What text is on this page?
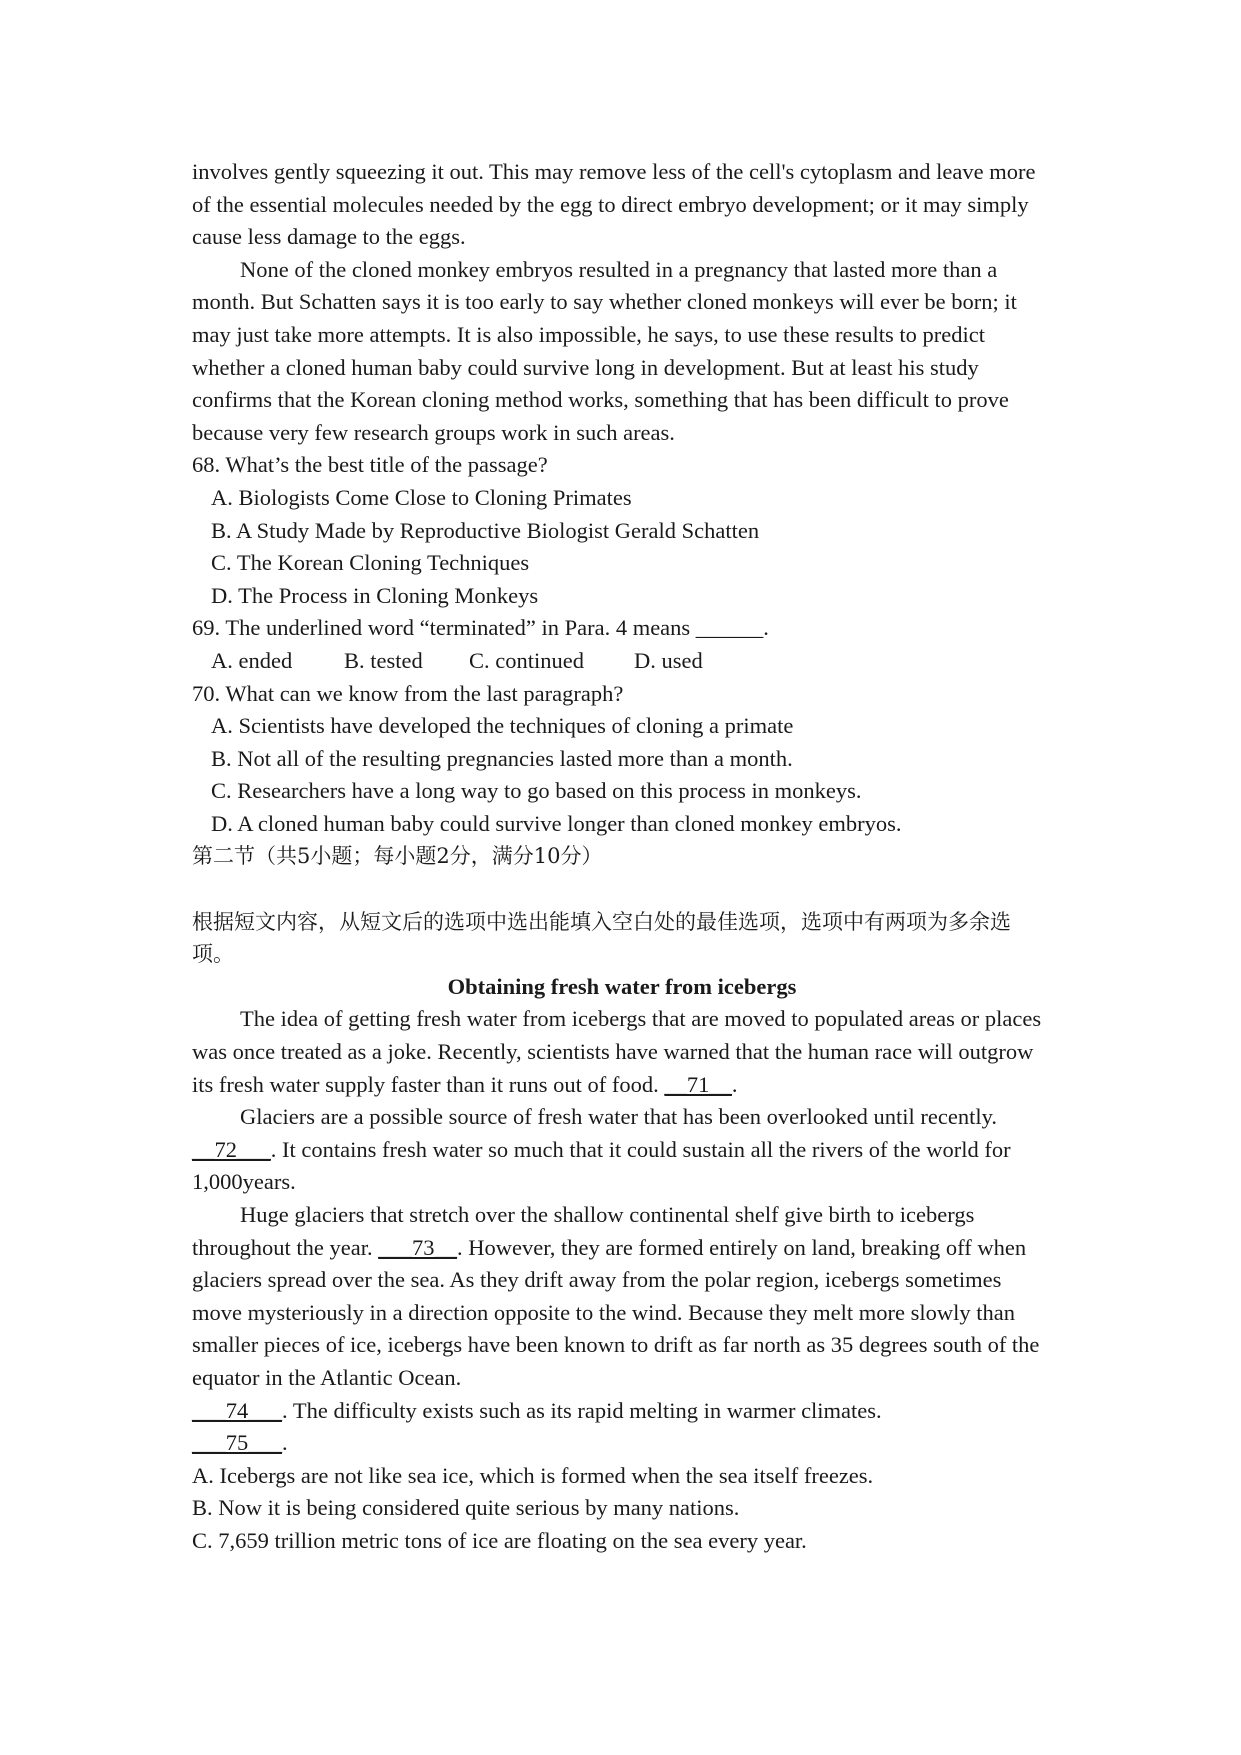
involves gently squeezing it out. This may remove less of the cell's cytoplasm and leave more of the essential molecules needed by the egg to direct embryo development; or it may simply cause less damage to the eggs.

None of the cloned monkey embryos resulted in a pregnancy that lasted more than a month. But Schatten says it is too early to say whether cloned monkeys will ever be born; it may just take more attempts. It is also impossible, he says, to use these results to predict whether a cloned human baby could survive long in development. But at least his study confirms that the Korean cloning method works, something that has been difficult to prove because very few research groups work in such areas.

68. What’s the best title of the passage?

A. Biologists Come Close to Cloning Primates

B. A Study Made by Reproductive Biologist Gerald Schatten

C. The Korean Cloning Techniques

D. The Process in Cloning Monkeys

69. The underlined word “terminated” in Para. 4 means ______.

A. ended B. tested C. continued D. used

70. What can we know from the last paragraph?

A. Scientists have developed the techniques of cloning a primate

B. Not all of the resulting pregnancies lasted more than a month.

C. Researchers have a long way to go based on this process in monkeys.

D. A cloned human baby could survive longer than cloned monkey embryos.

第二节（共5小题；每小题2分，满分10分）

根据短文内容，从短文后的选项中选出能填入空白处的最佳选项，选项中有两项为多余选项。

Obtaining fresh water from icebergs

The idea of getting fresh water from icebergs that are moved to populated areas or places was once treated as a joke. Recently, scientists have warned that the human race will outgrow its fresh water supply faster than it runs out of food. __71__.

Glaciers are a possible source of fresh water that has been overlooked until recently. __72___. It contains fresh water so much that it could sustain all the rivers of the world for 1,000years.

Huge glaciers that stretch over the shallow continental shelf give birth to icebergs throughout the year. ___73__. However, they are formed entirely on land, breaking off when glaciers spread over the sea. As they drift away from the polar region, icebergs sometimes move mysteriously in a direction opposite to the wind. Because they melt more slowly than smaller pieces of ice, icebergs have been known to drift as far north as 35 degrees south of the equator in the Atlantic Ocean.

___74___. The difficulty exists such as its rapid melting in warmer climates.

___75___.

A. Icebergs are not like sea ice, which is formed when the sea itself freezes.

B. Now it is being considered quite serious by many nations.

C. 7,659 trillion metric tons of ice are floating on the sea every year.
